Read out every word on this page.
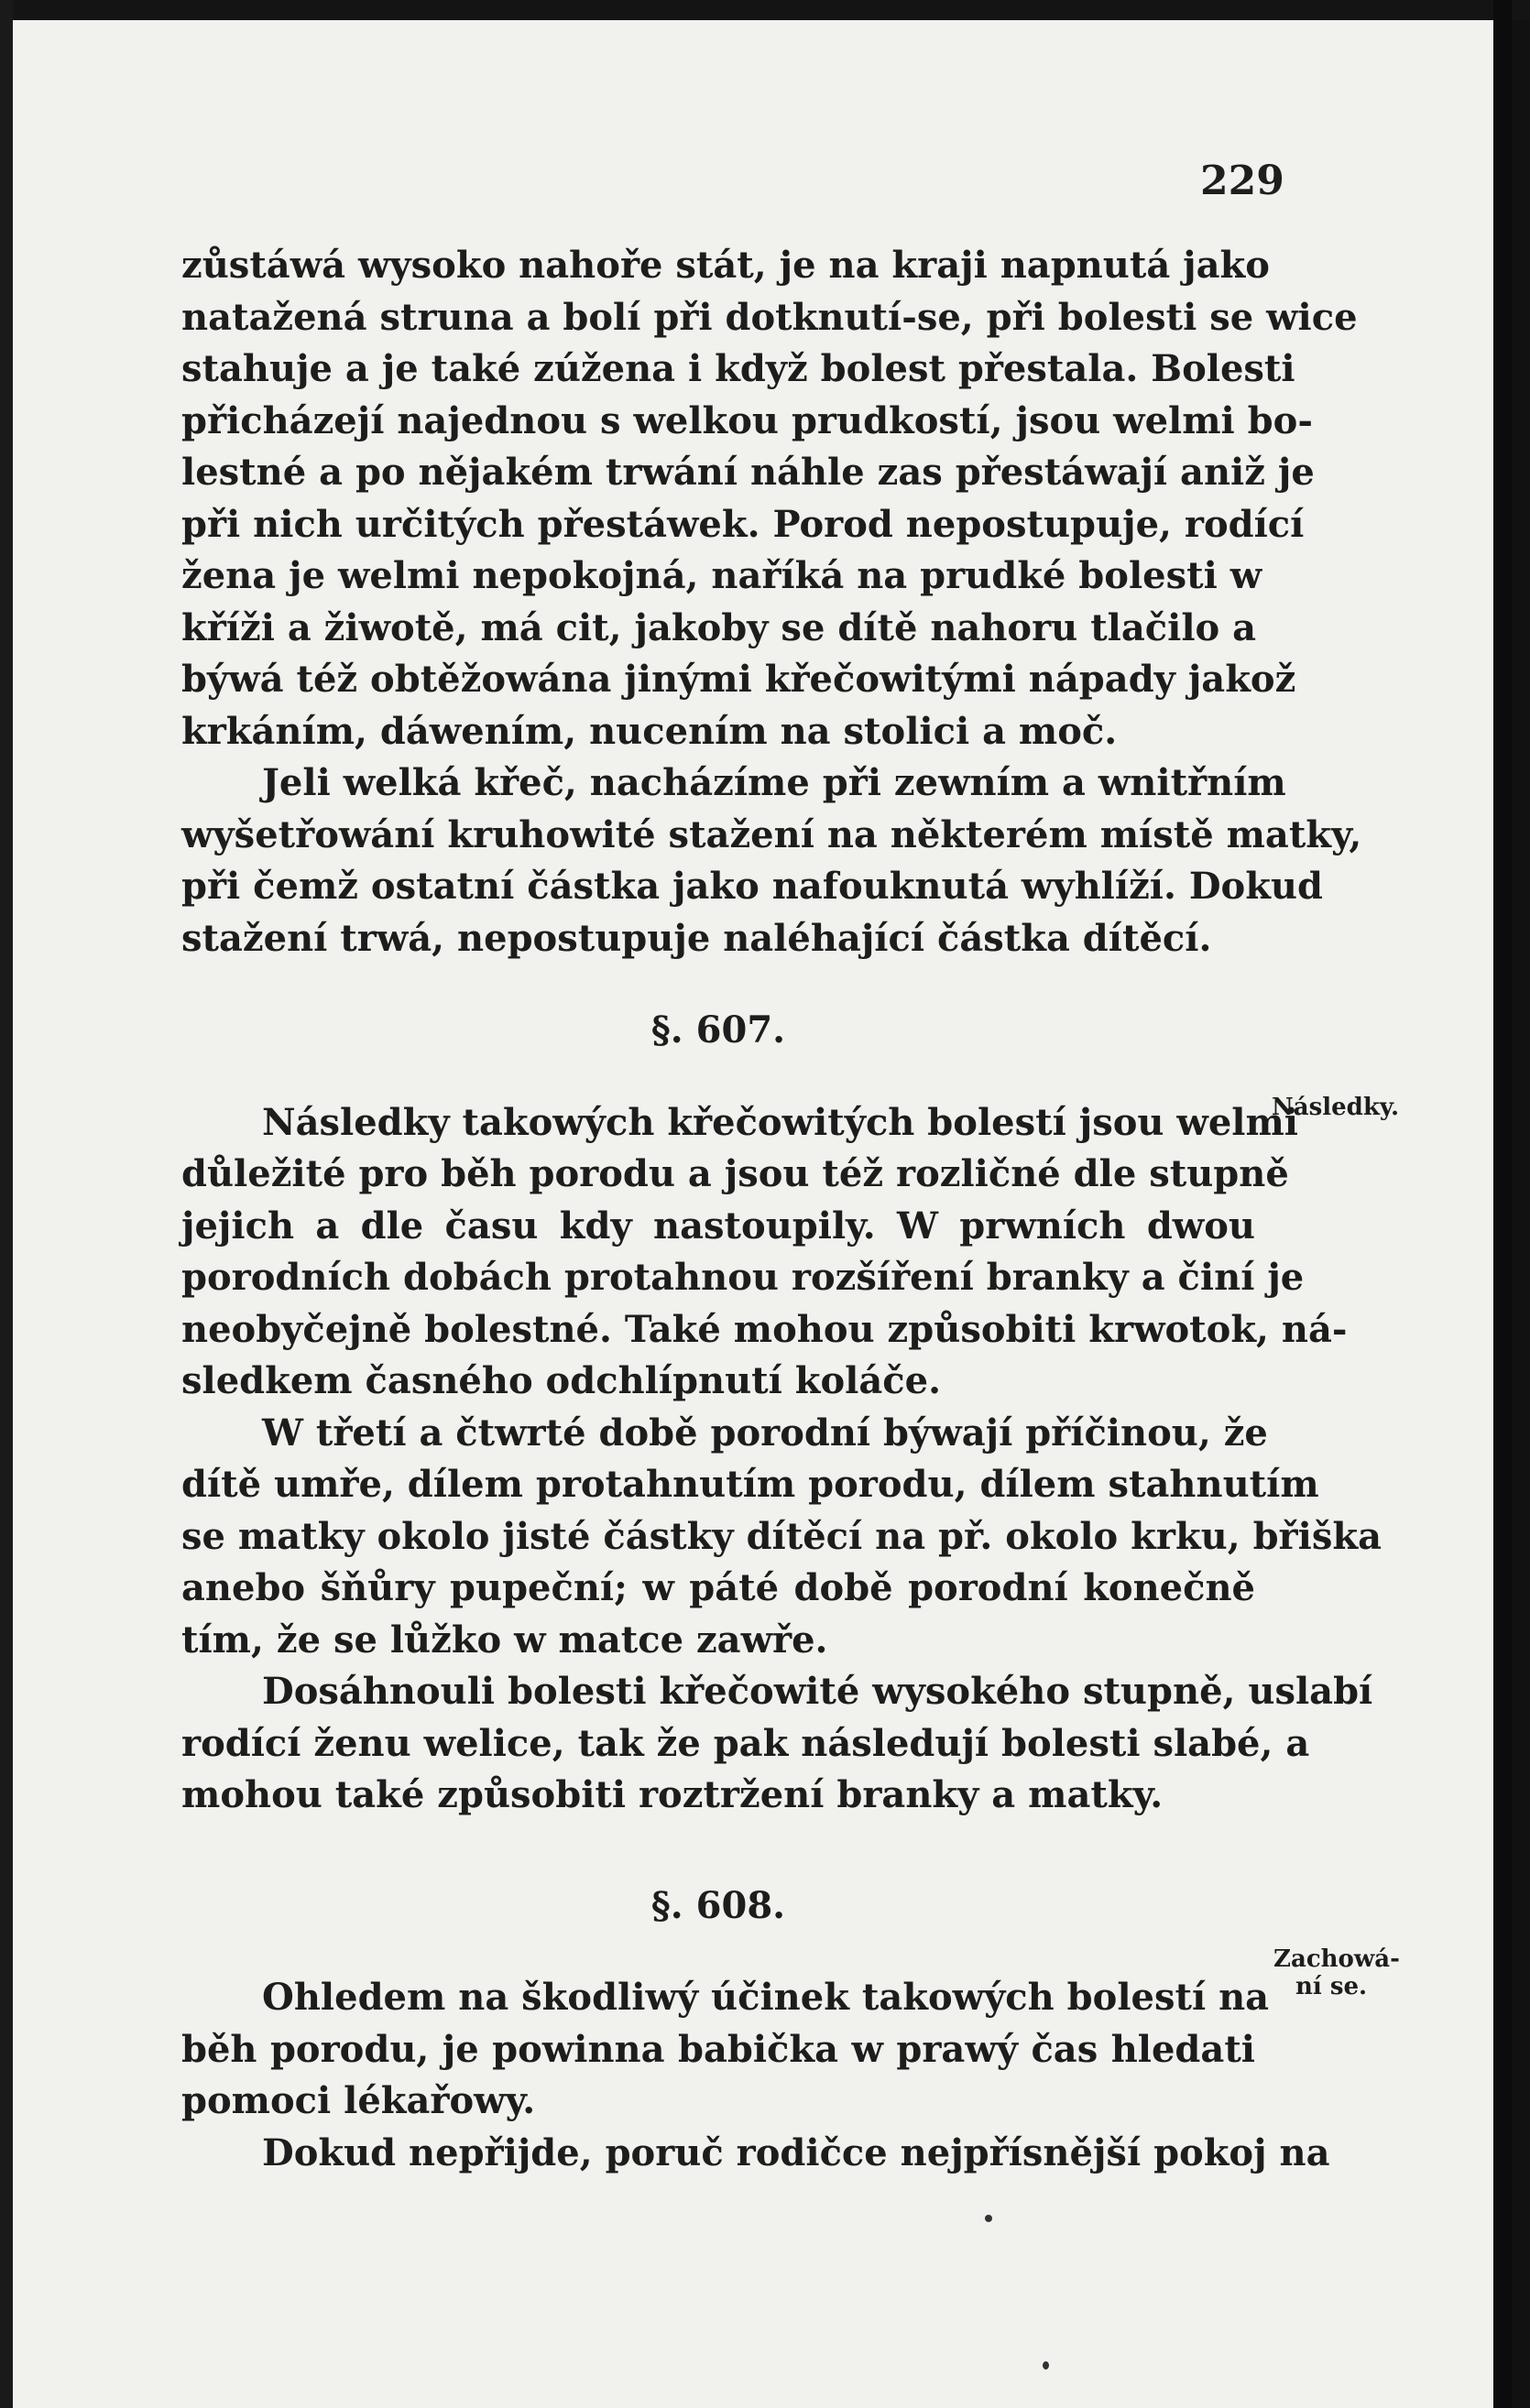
229
zůstáwá wysoko nahoře stát, je na kraji napnutá jako
natažená struna a bolí při dotknutí-se, při bolesti se wice
stahuje a je také zúžena i když bolest přestala. Bolesti
přicházejí najednou s welkou prudkostí, jsou welmi bo-
lestné a po nějakém trwání náhle zas přestáwají aniž je
při nich určitých přestáwek. Porod nepostupuje, rodící
žena je welmi nepokojná, naříká na prudké bolesti w
kříži a žiwotě, má cit, jakoby se dítě nahoru tlačilo a
býwá též obtěžowána jinými křečowitými nápady jakož
krkáním, dáwením, nucením na stolici a moč.
Jeli welká křeč, nacházíme při zewním a wnitřním
wyšetřowání kruhowité stažení na některém místě matky,
při čemž ostatní částka jako nafouknutá wyhlíží. Dokud
stažení trwá, nepostupuje naléhající částka dítěcí.
§. 607.
Následky takowých křečowitých bolestí jsou welmi
důležité pro běh porodu a jsou též rozličné dle stupně
jejich a dle času kdy nastoupily. W prwních dwou
porodních dobách protahnou rozšíření branky a činí je
neobyčejně bolestné. Také mohou způsobiti krwotok, ná-
sledkem časného odchlípnutí koláče.
W třetí a čtwrté době porodní býwají příčinou, že
dítě umře, dílem protahnutím porodu, dílem stahnutím
se matky okolo jisté částky dítěcí na př. okolo krku, břiška
anebo šňůry pupeční; w páté době porodní konečně
tím, že se lůžko w matce zawře.
Dosáhnouli bolesti křečowité wysokého stupně, uslabí
rodící ženu welice, tak že pak následují bolesti slabé, a
mohou také způsobiti roztržení branky a matky.
§. 608.
Ohledem na škodliwý účinek takowých bolestí na
běh porodu, je powinna babička w prawý čas hledati
pomoci lékařowy.
Dokud nepřijde, poruč rodičce nejpřísnější pokoj na
Následky.
Zachowá-
ní se.
